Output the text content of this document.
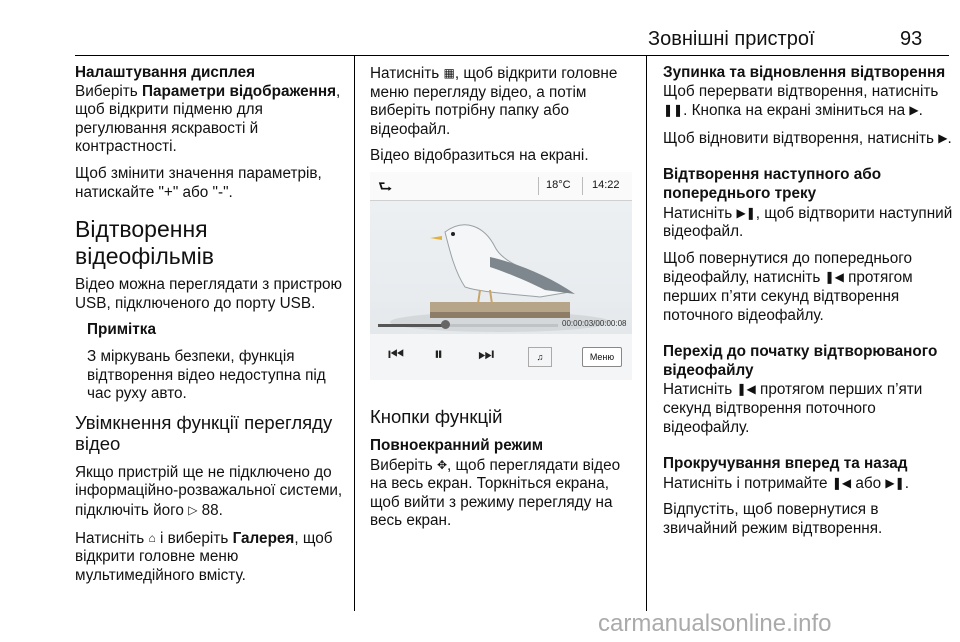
Зовнішні пристрої	93

Налаштування дисплея

Виберіть Параметри відображення, щоб відкрити підменю для регулювання яскравості й контрастності.

Щоб змінити значення параметрів, натискайте "+" або "-".

Відтворення відеофільмів

Відео можна переглядати з пристрою USB, підключеного до порту USB.

Примітка

З міркувань безпеки, функція відтворення відео недоступна під час руху авто.

Увімкнення функції перегляду відео

Якщо пристрій ще не підключено до інформаційно-розважальної системи, підключіть його ▷ 88.

Натисніть ⌂ і виберіть Галерея, щоб відкрити головне меню мультимедійного вмісту.

Натисніть ▦, щоб відкрити головне меню перегляду відео, а потім виберіть потрібну папку або відеофайл.

Відео відобразиться на екрані.

⮑	18°C 14:22
00:00:03/00:00:08
⏮ ⏸ ⏭	♫	Меню
Кнопки функцій

Повноекранний режим

Виберіть ✥, щоб переглядати відео на весь екран. Торкніться екрана, щоб вийти з режиму перегляду на весь екран.

Зупинка та відновлення відтворення

Щоб перервати відтворення, натисніть ❚❚. Кнопка на екрані зміниться на ▶.

Щоб відновити відтворення, натисніть ▶.

Відтворення наступного або попереднього треку

Натисніть ▶❚, щоб відтворити наступний відеофайл.

Щоб повернутися до попереднього відеофайлу, натисніть ❚◀ протягом перших п’яти секунд відтворення поточного відеофайлу.

Перехід до початку відтворюваного відеофайлу

Натисніть ❚◀ протягом перших п’яти секунд відтворення поточного відеофайлу.

Прокручування вперед та назад

Натисніть і потримайте ❚◀ або ▶❚.

Відпустіть, щоб повернутися в звичайний режим відтворення.

carmanualsonline.info
